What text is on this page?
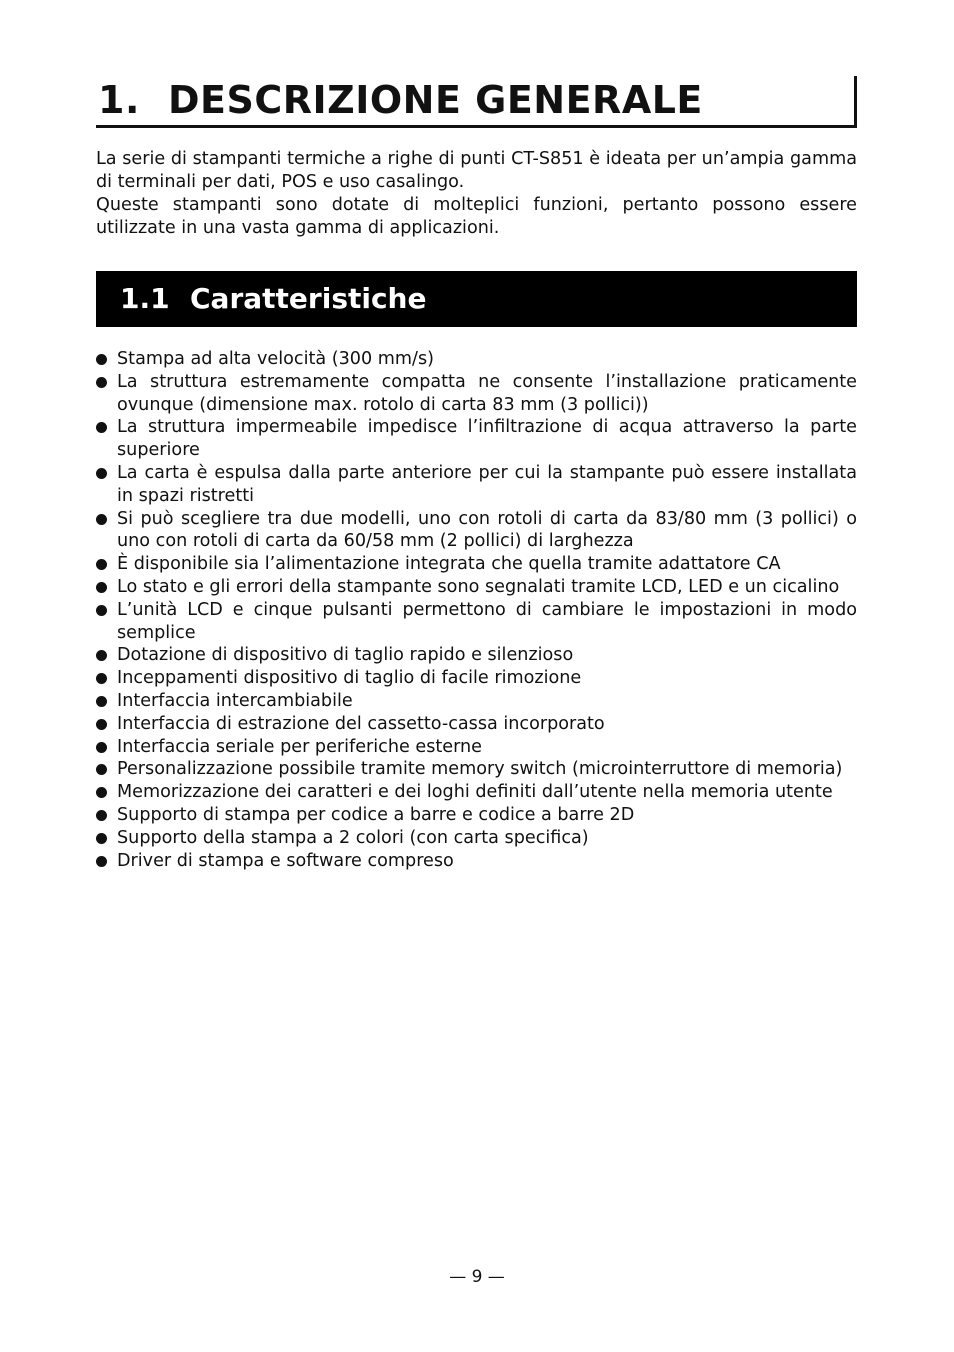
1. DESCRIZIONE GENERALE

La serie di stampanti termiche a righe di punti CT-S851 è ideata per un’ampia gamma di terminali per dati, POS e uso casalingo.

Queste stampanti sono dotate di molteplici funzioni, pertanto possono essere utilizzate in una vasta gamma di applicazioni.

1.1 Caratteristiche
Stampa ad alta velocità (300 mm/s)
La struttura estremamente compatta ne consente l’installazione praticamente ovunque (dimensione max. rotolo di carta 83 mm (3 pollici))
La struttura impermeabile impedisce l’infiltrazione di acqua attraverso la parte superiore
La carta è espulsa dalla parte anteriore per cui la stampante può essere installata in spazi ristretti
Si può scegliere tra due modelli, uno con rotoli di carta da 83/80 mm (3 pollici) o uno con rotoli di carta da 60/58 mm (2 pollici) di larghezza
È disponibile sia l’alimentazione integrata che quella tramite adattatore CA
Lo stato e gli errori della stampante sono segnalati tramite LCD, LED e un cicalino
L’unità LCD e cinque pulsanti permettono di cambiare le impostazioni in modo semplice
Dotazione di dispositivo di taglio rapido e silenzioso
Inceppamenti dispositivo di taglio di facile rimozione
Interfaccia intercambiabile
Interfaccia di estrazione del cassetto-cassa incorporato
Interfaccia seriale per periferiche esterne
Personalizzazione possibile tramite memory switch (microinterruttore di memoria)
Memorizzazione dei caratteri e dei loghi definiti dall’utente nella memoria utente
Supporto di stampa per codice a barre e codice a barre 2D
Supporto della stampa a 2 colori (con carta specifica)
Driver di stampa e software compreso
— 9 —
